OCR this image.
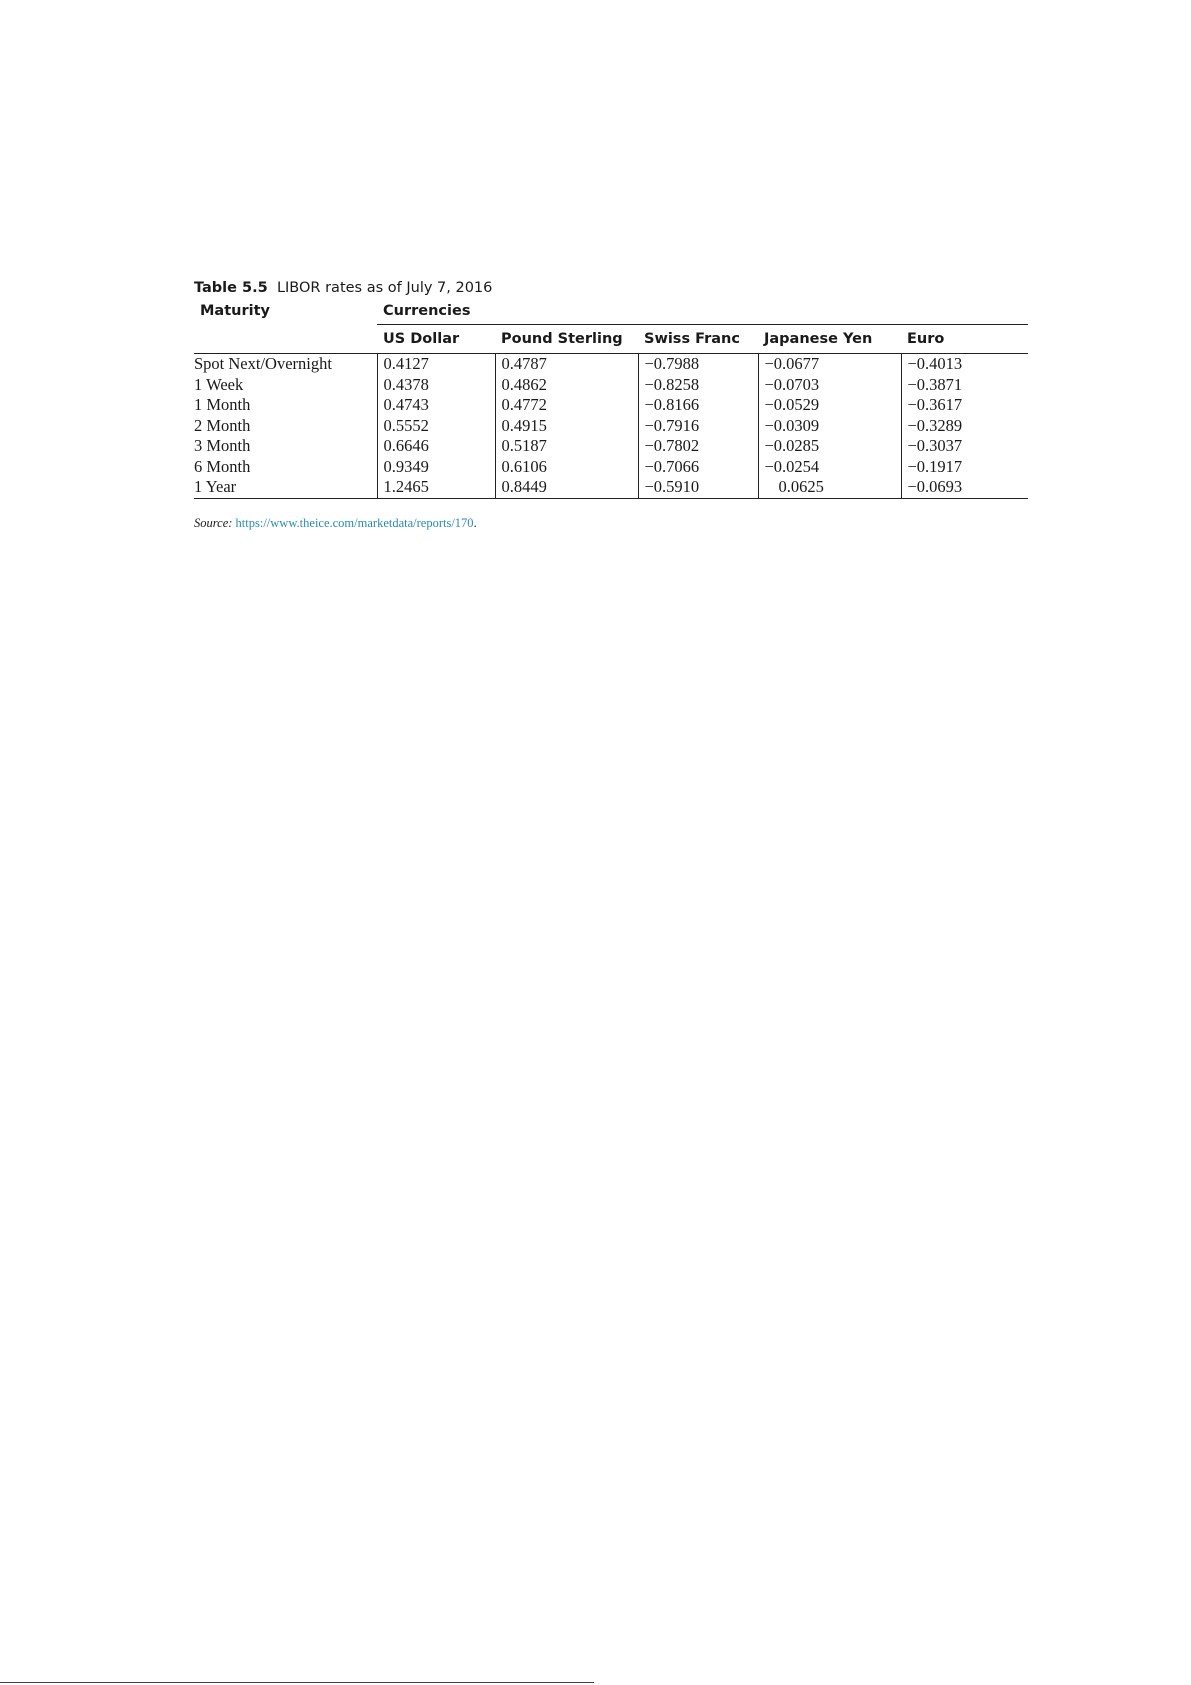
Table 5.5 LIBOR rates as of July 7, 2016
Maturity	Currencies				
	US Dollar	Pound Sterling	Swiss Franc	Japanese Yen	Euro
Spot Next/Overnight	0.4127	0.4787	−0.7988	−0.0677	−0.4013
1 Week	0.4378	0.4862	−0.8258	−0.0703	−0.3871
1 Month	0.4743	0.4772	−0.8166	−0.0529	−0.3617
2 Month	0.5552	0.4915	−0.7916	−0.0309	−0.3289
3 Month	0.6646	0.5187	−0.7802	−0.0285	−0.3037
6 Month	0.9349	0.6106	−0.7066	−0.0254	−0.1917
1 Year	1.2465	0.8449	−0.5910	0.0625	−0.0693
Source: https://www.theice.com/marketdata/reports/170.
